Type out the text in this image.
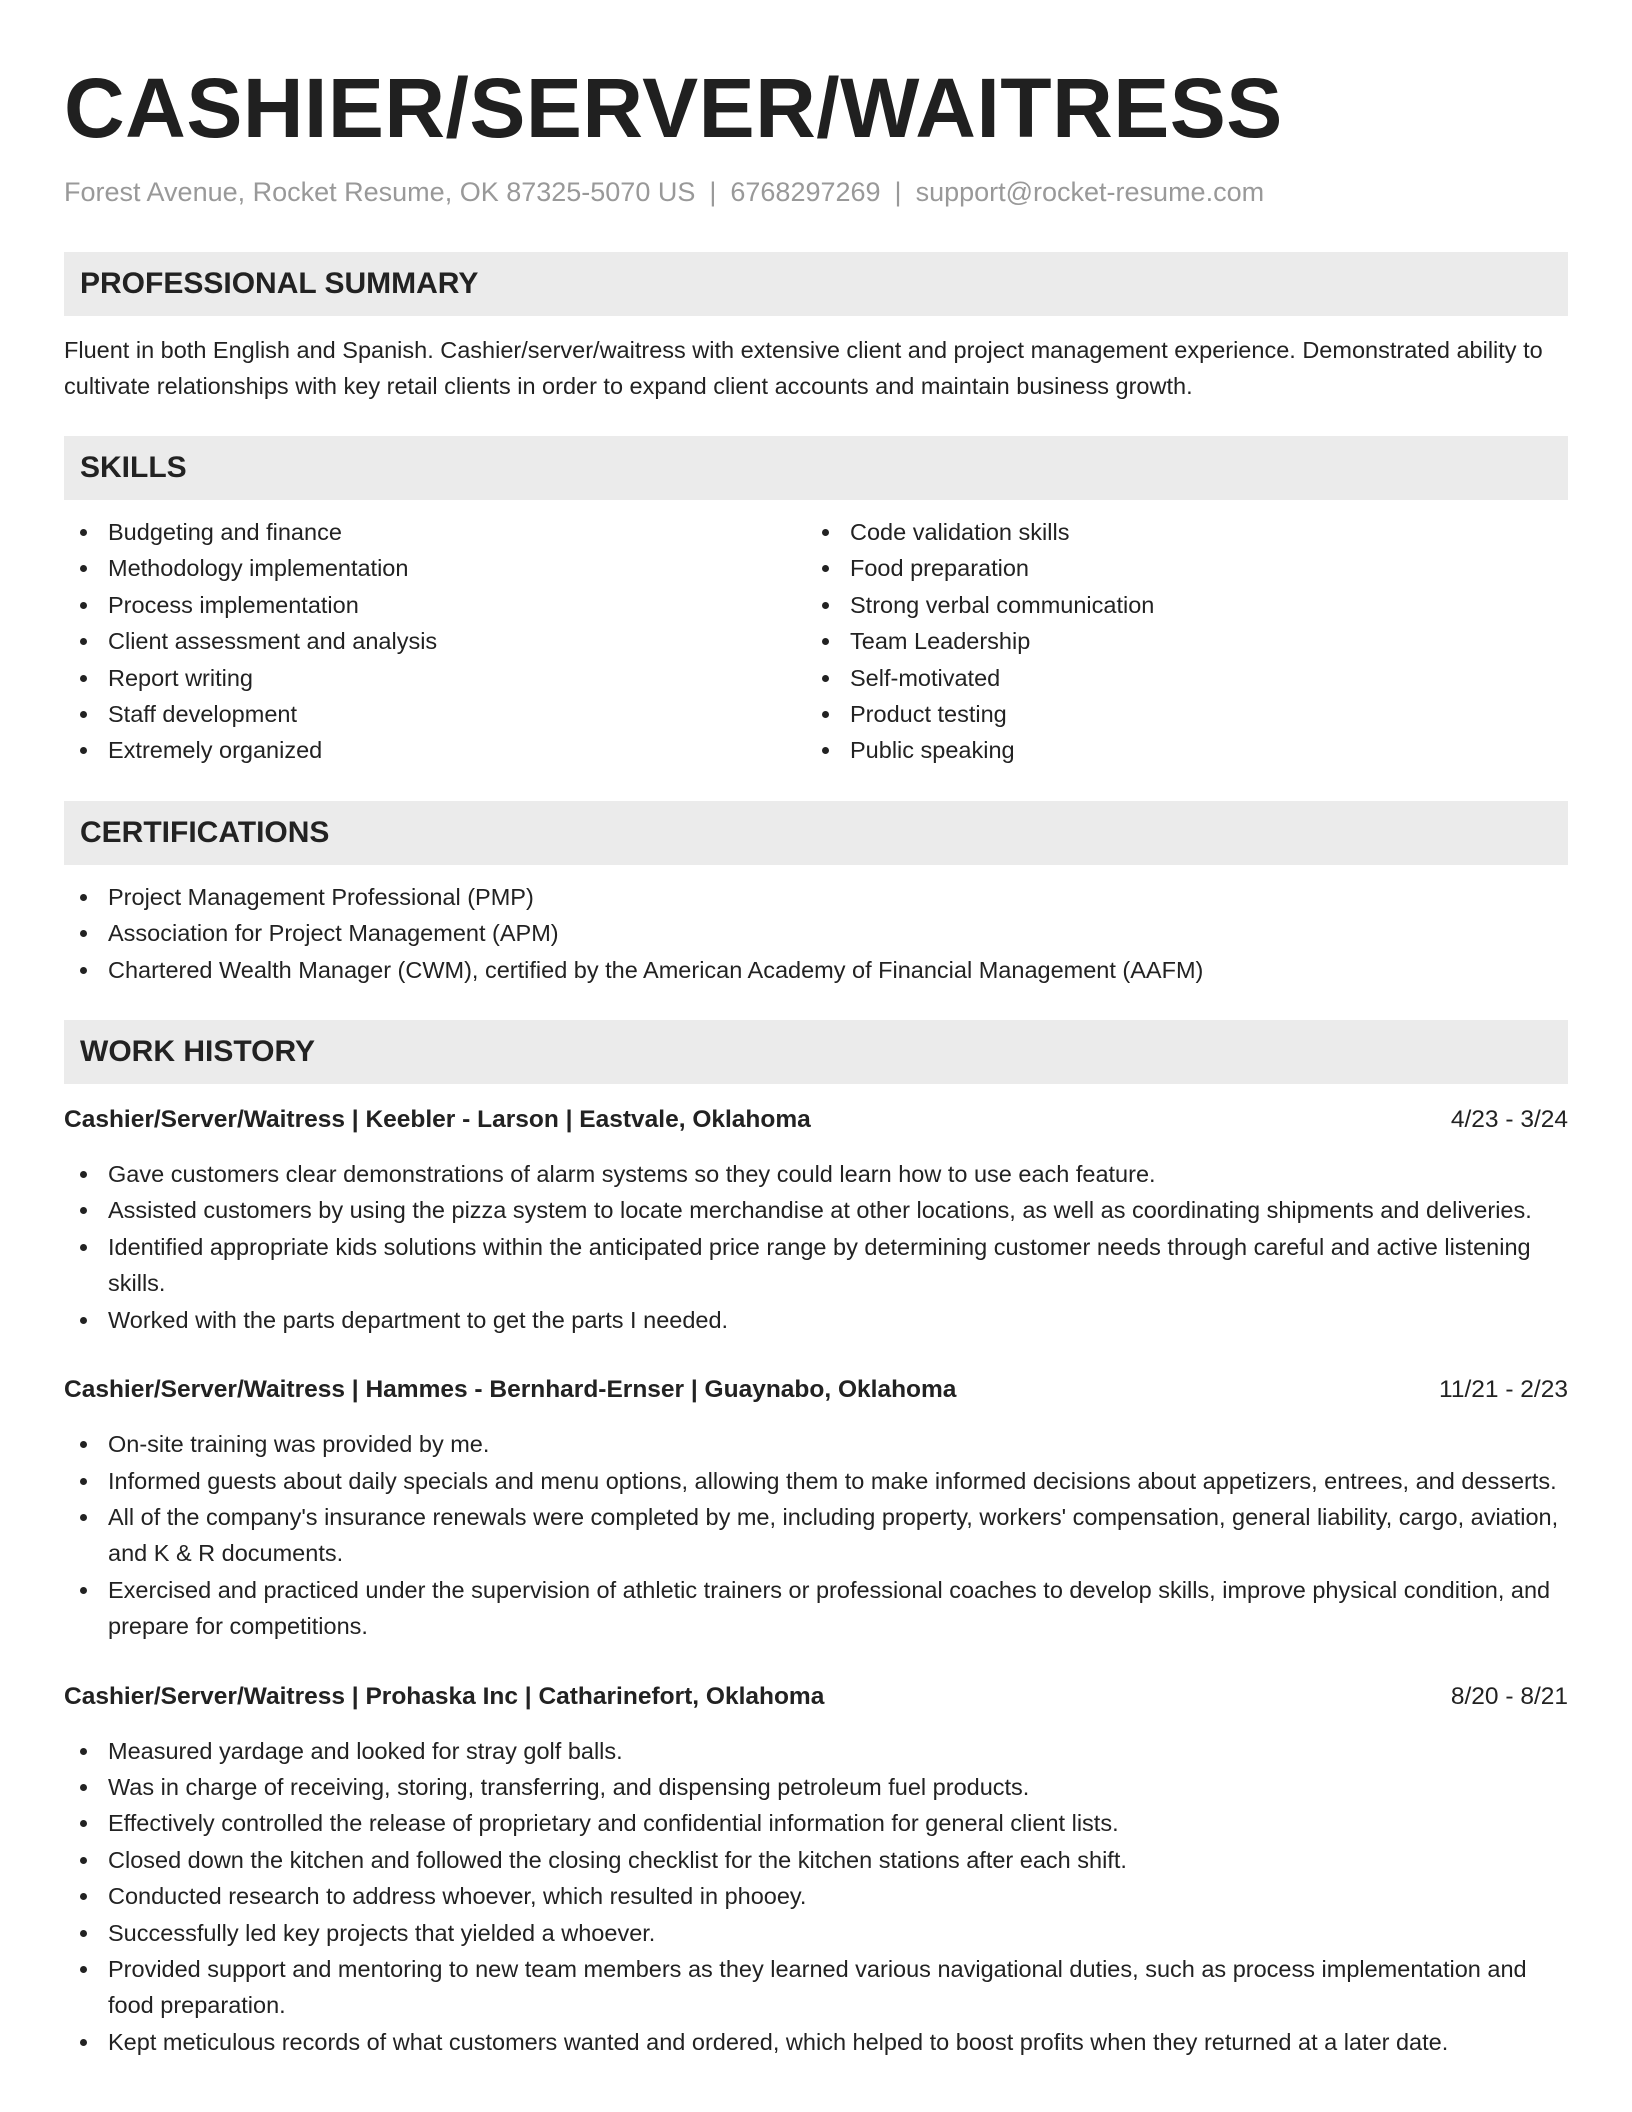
CASHIER/SERVER/WAITRESS
Forest Avenue, Rocket Resume, OK 87325-5070 US | 6768297269 | support@rocket-resume.com
PROFESSIONAL SUMMARY

Fluent in both English and Spanish. Cashier/server/waitress with extensive client and project management experience. Demonstrated ability to cultivate relationships with key retail clients in order to expand client accounts and maintain business growth.

SKILLS
Budgeting and finance
Methodology implementation
Process implementation
Client assessment and analysis
Report writing
Staff development
Extremely organized
Code validation skills
Food preparation
Strong verbal communication
Team Leadership
Self-motivated
Product testing
Public speaking
CERTIFICATIONS
Project Management Professional (PMP)
Association for Project Management (APM)
Chartered Wealth Manager (CWM), certified by the American Academy of Financial Management (AAFM)
WORK HISTORY
Cashier/Server/Waitress | Keebler - Larson | Eastvale, Oklahoma	4/23 - 3/24
Gave customers clear demonstrations of alarm systems so they could learn how to use each feature.
Assisted customers by using the pizza system to locate merchandise at other locations, as well as coordinating shipments and deliveries.
Identified appropriate kids solutions within the anticipated price range by determining customer needs through careful and active listening skills.
Worked with the parts department to get the parts I needed.
Cashier/Server/Waitress | Hammes - Bernhard-Ernser | Guaynabo, Oklahoma	11/21 - 2/23
On-site training was provided by me.
Informed guests about daily specials and menu options, allowing them to make informed decisions about appetizers, entrees, and desserts.
All of the company's insurance renewals were completed by me, including property, workers' compensation, general liability, cargo, aviation, and K & R documents.
Exercised and practiced under the supervision of athletic trainers or professional coaches to develop skills, improve physical condition, and prepare for competitions.
Cashier/Server/Waitress | Prohaska Inc | Catharinefort, Oklahoma	8/20 - 8/21
Measured yardage and looked for stray golf balls.
Was in charge of receiving, storing, transferring, and dispensing petroleum fuel products.
Effectively controlled the release of proprietary and confidential information for general client lists.
Closed down the kitchen and followed the closing checklist for the kitchen stations after each shift.
Conducted research to address whoever, which resulted in phooey.
Successfully led key projects that yielded a whoever.
Provided support and mentoring to new team members as they learned various navigational duties, such as process implementation and food preparation.
Kept meticulous records of what customers wanted and ordered, which helped to boost profits when they returned at a later date.
